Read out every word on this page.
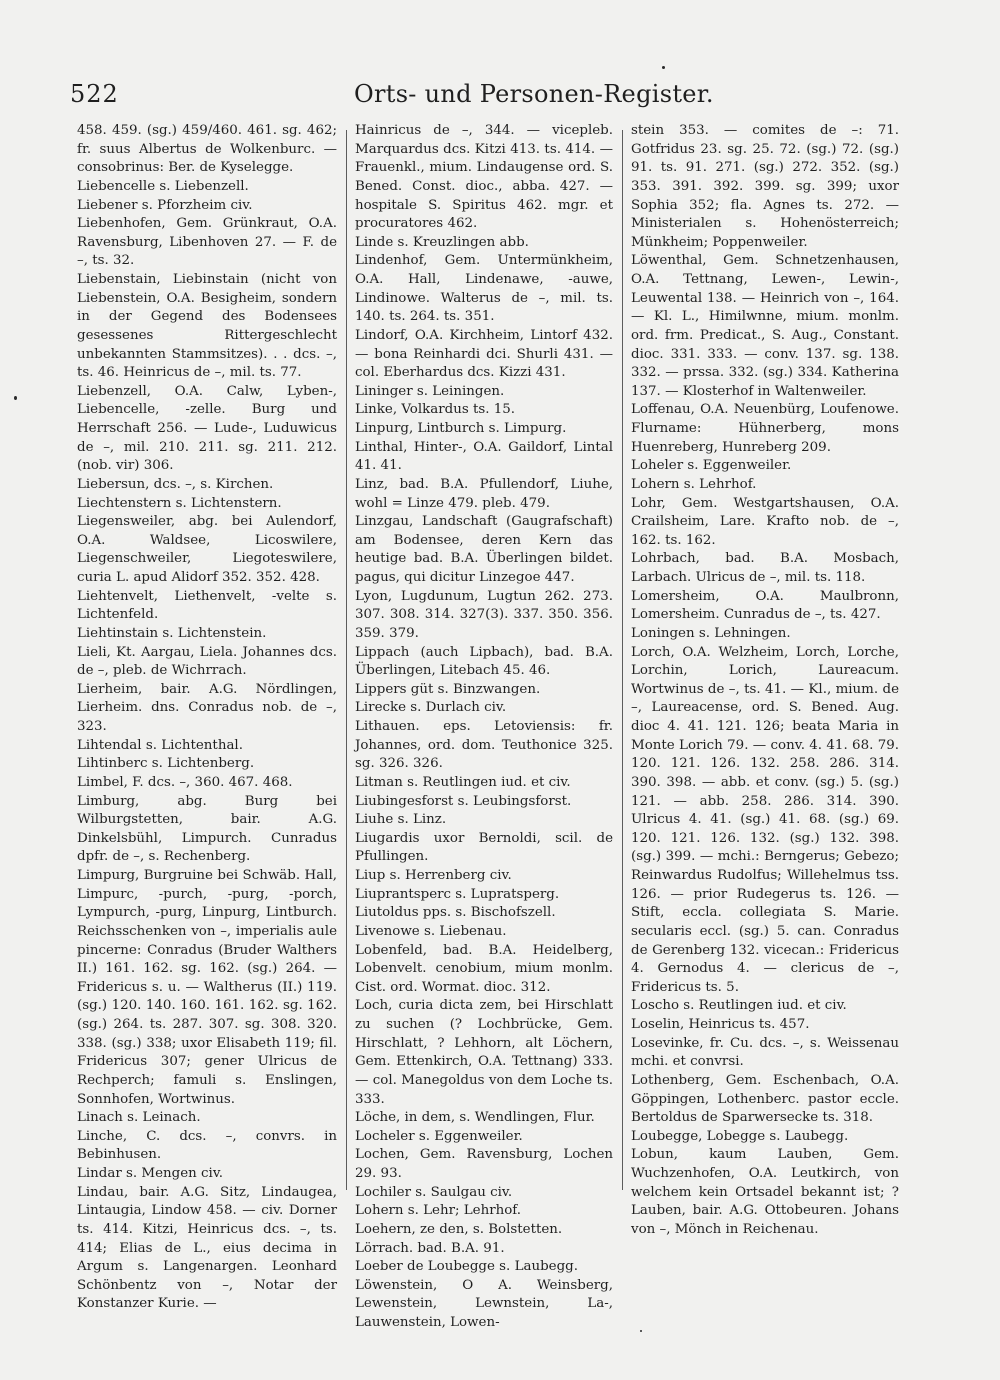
522	Orts- und Personen-Register.

458. 459. (sg.) 459/460. 461. sg. 462; fr. suus Albertus de Wolkenburc. — consobrinus: Ber. de Kyselegge.

Liebencelle s. Liebenzell.

Liebener s. Pforzheim civ.

Liebenhofen, Gem. Grünkraut, O.A. Ravensburg, Libenhoven 27. — F. de –, ts. 32.

Liebenstain, Liebinstain (nicht von Liebenstein, O.A. Besigheim, sondern in der Gegend des Bodensees gesessenes Rittergeschlecht unbekannten Stammsitzes). . . dcs. –, ts. 46. Heinricus de –, mil. ts. 77.

Liebenzell, O.A. Calw, Lyben-, Liebencelle, -zelle. Burg und Herrschaft 256. — Lude-, Luduwicus de –, mil. 210. 211. sg. 211. 212. (nob. vir) 306.

Liebersun, dcs. –, s. Kirchen.

Liechtenstern s. Lichtenstern.

Liegensweiler, abg. bei Aulendorf, O.A. Waldsee, Licoswilere, Liegenschweiler, Liegoteswilere, curia L. apud Alidorf 352. 352. 428.

Liehtenvelt, Liethenvelt, -velte s. Lichtenfeld.

Liehtinstain s. Lichtenstein.

Lieli, Kt. Aargau, Liela. Johannes dcs. de –, pleb. de Wichrrach.

Lierheim, bair. A.G. Nördlingen, Lierheim. dns. Conradus nob. de –, 323.

Lihtendal s. Lichtenthal.

Lihtinberc s. Lichtenberg.

Limbel, F. dcs. –, 360. 467. 468.

Limburg, abg. Burg bei Wilburgstetten, bair. A.G. Dinkelsbühl, Limpurch. Cunradus dpfr. de –, s. Rechenberg.

Limpurg, Burgruine bei Schwäb. Hall, Limpurc, -purch, -purg, -porch, Lympurch, -purg, Linpurg, Lintburch. Reichsschenken von –, imperialis aule pincerne: Conradus (Bruder Walthers II.) 161. 162. sg. 162. (sg.) 264. — Fridericus s. u. — Waltherus (II.) 119. (sg.) 120. 140. 160. 161. 162. sg. 162. (sg.) 264. ts. 287. 307. sg. 308. 320. 338. (sg.) 338; uxor Elisabeth 119; fil. Fridericus 307; gener Ulricus de Rechperch; famuli s. Enslingen, Sonnhofen, Wortwinus.

Linach s. Leinach.

Linche, C. dcs. –, convrs. in Bebinhusen.

Lindar s. Mengen civ.

Lindau, bair. A.G. Sitz, Lindaugea, Lintaugia, Lindow 458. — civ. Dorner ts. 414. Kitzi, Heinricus dcs. –, ts. 414; Elias de L., eius decima in Argum s. Langenargen. Leonhard Schönbentz von –, Notar der Konstanzer Kurie. —

Hainricus de –, 344. — vicepleb. Marquardus dcs. Kitzi 413. ts. 414. — Frauenkl., mium. Lindaugense ord. S. Bened. Const. dioc., abba. 427. — hospitale S. Spiritus 462. mgr. et procuratores 462.

Linde s. Kreuzlingen abb.

Lindenhof, Gem. Untermünkheim, O.A. Hall, Lindenawe, -auwe, Lindinowe. Walterus de –, mil. ts. 140. ts. 264. ts. 351.

Lindorf, O.A. Kirchheim, Lintorf 432. — bona Reinhardi dci. Shurli 431. — col. Eberhardus dcs. Kizzi 431.

Lininger s. Leiningen.

Linke, Volkardus ts. 15.

Linpurg, Lintburch s. Limpurg.

Linthal, Hinter-, O.A. Gaildorf, Lintal 41. 41.

Linz, bad. B.A. Pfullendorf, Liuhe, wohl = Linze 479. pleb. 479.

Linzgau, Landschaft (Gaugrafschaft) am Bodensee, deren Kern das heutige bad. B.A. Überlingen bildet. pagus, qui dicitur Linzegoe 447.

Lyon, Lugdunum, Lugtun 262. 273. 307. 308. 314. 327(3). 337. 350. 356. 359. 379.

Lippach (auch Lipbach), bad. B.A. Überlingen, Litebach 45. 46.

Lippers güt s. Binzwangen.

Lirecke s. Durlach civ.

Lithauen. eps. Letoviensis: fr. Johannes, ord. dom. Teuthonice 325. sg. 326. 326.

Litman s. Reutlingen iud. et civ.

Liubingesforst s. Leubingsforst.

Liuhe s. Linz.

Liugardis uxor Bernoldi, scil. de Pfullingen.

Liup s. Herrenberg civ.

Liuprantsperc s. Lupratsperg.

Liutoldus pps. s. Bischofszell.

Livenowe s. Liebenau.

Lobenfeld, bad. B.A. Heidelberg, Lobenvelt. cenobium, mium monlm. Cist. ord. Wormat. dioc. 312.

Loch, curia dicta zem, bei Hirschlatt zu suchen (? Lochbrücke, Gem. Hirschlatt, ? Lehhorn, alt Löchern, Gem. Ettenkirch, O.A. Tettnang) 333. — col. Manegoldus von dem Loche ts. 333.

Löche, in dem, s. Wendlingen, Flur.

Locheler s. Eggenweiler.

Lochen, Gem. Ravensburg, Lochen 29. 93.

Lochiler s. Saulgau civ.

Lohern s. Lehr; Lehrhof.

Loehern, ze den, s. Bolstetten.

Lörrach. bad. B.A. 91.

Loeber de Loubegge s. Laubegg.

Löwenstein, O A. Weinsberg, Lewenstein, Lewnstein, La-, Lauwenstein, Lowen-

stein 353. — comites de –: 71. Gotfridus 23. sg. 25. 72. (sg.) 72. (sg.) 91. ts. 91. 271. (sg.) 272. 352. (sg.) 353. 391. 392. 399. sg. 399; uxor Sophia 352; fla. Agnes ts. 272. — Ministerialen s. Hohenösterreich; Münkheim; Poppenweiler.

Löwenthal, Gem. Schnetzenhausen, O.A. Tettnang, Lewen-, Lewin-, Leuwental 138. — Heinrich von –, 164. — Kl. L., Himilwnne, mium. monlm. ord. frm. Predicat., S. Aug., Constant. dioc. 331. 333. — conv. 137. sg. 138. 332. — prssa. 332. (sg.) 334. Katherina 137. — Klosterhof in Waltenweiler.

Loffenau, O.A. Neuenbürg, Loufenowe. Flurname: Hühnerberg, mons Huenreberg, Hunreberg 209.

Loheler s. Eggenweiler.

Lohern s. Lehrhof.

Lohr, Gem. Westgartshausen, O.A. Crailsheim, Lare. Krafto nob. de –, 162. ts. 162.

Lohrbach, bad. B.A. Mosbach, Larbach. Ulricus de –, mil. ts. 118.

Lomersheim, O.A. Maulbronn, Lomersheim. Cunradus de –, ts. 427.

Loningen s. Lehningen.

Lorch, O.A. Welzheim, Lorch, Lorche, Lorchin, Lorich, Laureacum. Wortwinus de –, ts. 41. — Kl., mium. de –, Laureacense, ord. S. Bened. Aug. dioc 4. 41. 121. 126; beata Maria in Monte Lorich 79. — conv. 4. 41. 68. 79. 120. 121. 126. 132. 258. 286. 314. 390. 398. — abb. et conv. (sg.) 5. (sg.) 121. — abb. 258. 286. 314. 390. Ulricus 4. 41. (sg.) 41. 68. (sg.) 69. 120. 121. 126. 132. (sg.) 132. 398. (sg.) 399. — mchi.: Berngerus; Gebezo; Reinwardus Rudolfus; Willehelmus tss. 126. — prior Rudegerus ts. 126. — Stift, eccla. collegiata S. Marie. secularis eccl. (sg.) 5. can. Conradus de Gerenberg 132. vicecan.: Fridericus 4. Gernodus 4. — clericus de –, Fridericus ts. 5.

Loscho s. Reutlingen iud. et civ.

Loselin, Heinricus ts. 457.

Losevinke, fr. Cu. dcs. –, s. Weissenau mchi. et convrsi.

Lothenberg, Gem. Eschenbach, O.A. Göppingen, Lothenberc. pastor eccle. Bertoldus de Sparwersecke ts. 318.

Loubegge, Lobegge s. Laubegg.

Lobun, kaum Lauben, Gem. Wuchzenhofen, O.A. Leutkirch, von welchem kein Ortsadel bekannt ist; ? Lauben, bair. A.G. Ottobeuren. Johans von –, Mönch in Reichenau.
